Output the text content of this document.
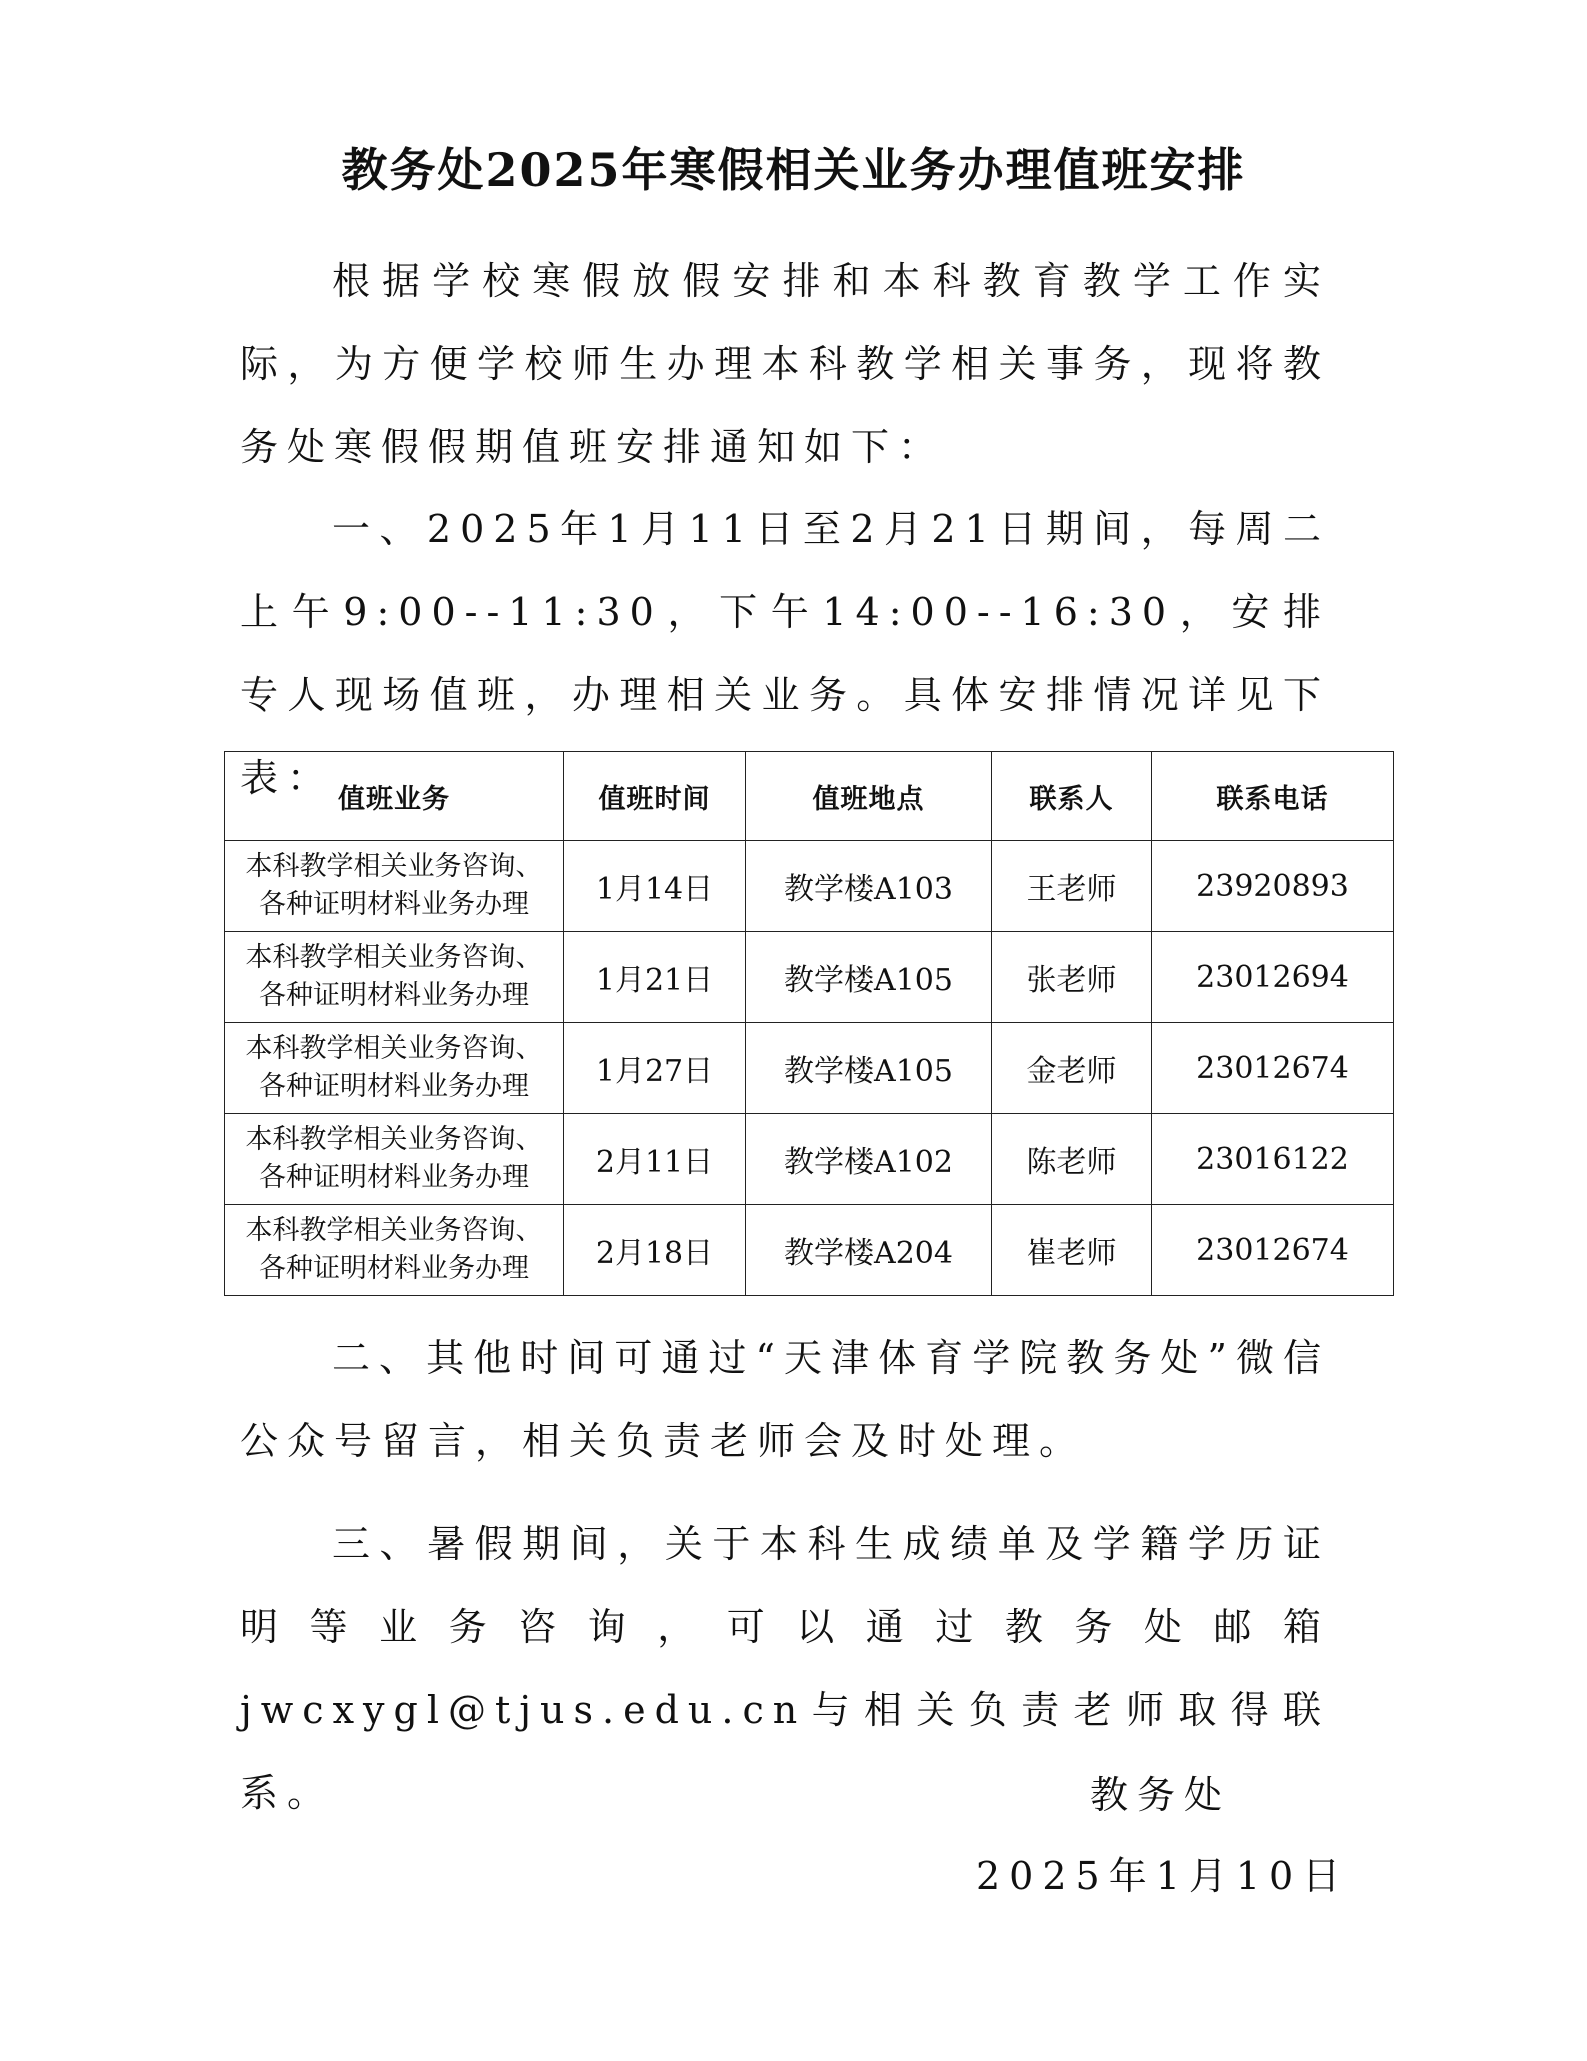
教务处2025年寒假相关业务办理值班安排

根据学校寒假放假安排和本科教育教学工作实际，为方便学校师生办理本科教学相关事务，现将教务处寒假假期值班安排通知如下：

一、2025年1月11日至2月21日期间，每周二上午9:00--11:30，下午14:00--16:30，安排专人现场值班，办理相关业务。具体安排情况详见下表： 值班业务	值班时间	值班地点	联系人	联系电话

本科教学相关业务咨询、
各种证明材料业务办理	1月14日	教学楼A103	王老师	23920893

本科教学相关业务咨询、
各种证明材料业务办理	1月21日	教学楼A105	张老师	23012694

本科教学相关业务咨询、
各种证明材料业务办理	1月27日	教学楼A105	金老师	23012674

本科教学相关业务咨询、
各种证明材料业务办理	2月11日	教学楼A102	陈老师	23016122

本科教学相关业务咨询、
各种证明材料业务办理	2月18日	教学楼A204	崔老师	23012674

二、其他时间可通过“天津体育学院教务处”微信公众号留言，相关负责老师会及时处理。

三、暑假期间，关于本科生成绩单及学籍学历证明等业务咨询，可以通过教务处邮箱jwcxygl@tjus.edu.cn与相关负责老师取得联系。	教务处
2025年1月10日
